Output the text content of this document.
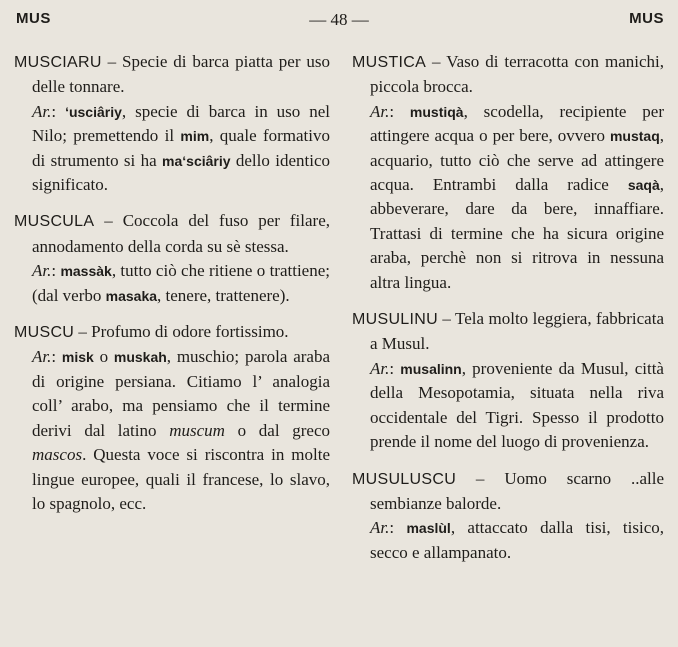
MUS	— 48 —	MUS

MUSCIARU – Specie di barca piatta per uso delle tonnare.

Ar.: ‘usciâriy, specie di barca in uso nel Nilo; premettendo il mim, quale formativo di strumento si ha ma‘sciâriy dello identico significato.

MUSCULA – Coccola del fuso per filare, annodamento della corda su sè stessa.

Ar.: massàk, tutto ciò che ritiene o trattiene; (dal verbo masaka, tenere, trattenere).

MUSCU – Profumo di odore fortissimo.

Ar.: misk o muskah, muschio; parola araba di origine persiana. Citiamo l’ analogia coll’ arabo, ma pensiamo che il termine derivi dal latino muscum o dal greco mascos. Questa voce si riscontra in molte lingue europee, quali il francese, lo slavo, lo spagnolo, ecc.

MUSTICA – Vaso di terracotta con manichi, piccola brocca.

Ar.: mustiqà, scodella, recipiente per attingere acqua o per bere, ovvero mustaq, acquario, tutto ciò che serve ad attingere acqua. Entrambi dalla radice saqà, abbeverare, dare da bere, innaffiare. Trattasi di termine che ha sicura origine araba, perchè non si ritrova in nessuna altra lingua.

MUSULINU – Tela molto leggiera, fabbricata a Musul.

Ar.: musalinn, proveniente da Musul, città della Mesopotamia, situata nella riva occidentale del Tigri. Spesso il prodotto prende il nome del luogo di provenienza.

MUSULUSCU – Uomo scarno ..alle sembianze balorde.

Ar.: maslùl, attaccato dalla tisi, tisico, secco e allampanato.
